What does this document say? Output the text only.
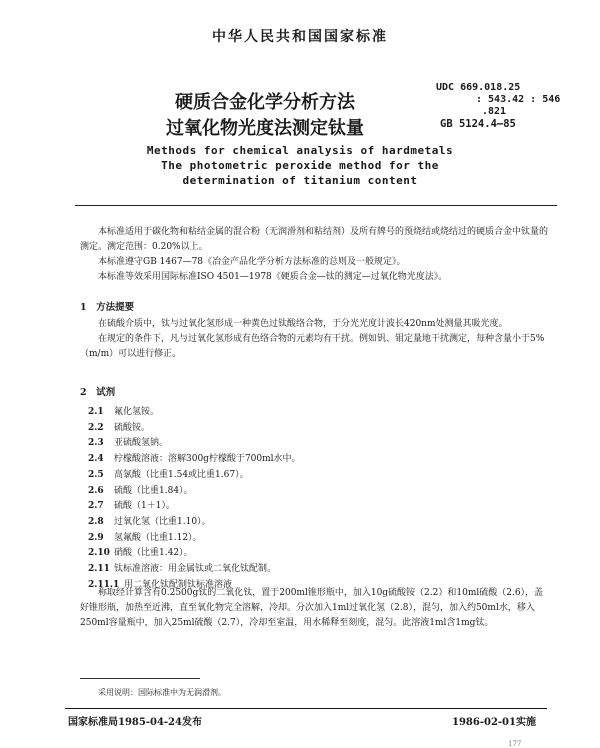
中华人民共和国国家标准
硬质合金化学分析方法
过氧化物光度法测定钛量
UDC 669.018.25
: 543.42 : 546
.821
GB 5124.4—85
Methods for chemical analysis of hardmetals
The photometric peroxide method for the
determination of titanium content

本标准适用于碳化物和粘结金属的混合粉（无润滑剂和粘结剂）及所有牌号的预烧结或烧结过的硬质合金中钛量的测定。测定范围：0.20%以上。

本标准遵守GB 1467—78《冶金产品化学分析方法标准的总则及一般规定》。

本标准等效采用国际标准ISO 4501—1978《硬质合金—钛的测定—过氧化物光度法》。

1　方法提要

在硫酸介质中，钛与过氧化氢形成一种黄色过钛酸络合物，于分光光度计波长420nm处测量其吸光度。

在规定的条件下，凡与过氧化氢形成有色络合物的元素均有干扰。例如钒、钼定量地干扰测定，每种含量小于5%（m/m）可以进行修正。

2　试剂
2.1 氟化氢铵。
2.2 硫酸铵。
2.3 亚硫酸氢钠。
2.4 柠檬酸溶液：溶解300g柠檬酸于700ml水中。
2.5 高氯酸（比重1.54或比重1.67）。
2.6 硫酸（比重1.84）。
2.7 硫酸（1＋1）。
2.8 过氧化氢（比重1.10）。
2.9 氢氟酸（比重1.12）。
2.10 硝酸（比重1.42）。
2.11 钛标准溶液：用金属钛或二氧化钛配制。
2.11.1 用二氧化钛配制钛标准溶液

称取经计算含有0.2500g钛的二氧化钛，置于200ml锥形瓶中，加入10g硫酸铵（2.2）和10ml硫酸（2.6），盖好锥形瓶，加热至近沸，直至氧化物完全溶解，冷却。分次加入1ml过氧化氢（2.8），混匀，加入约50ml水，移入250ml容量瓶中，加入25ml硫酸（2.7），冷却至室温，用水稀释至刻度，混匀。此溶液1ml含1mg钛。

采用说明：国际标准中为无润滑剂。
国家标准局1985-04-24发布	1986-02-01实施
177
